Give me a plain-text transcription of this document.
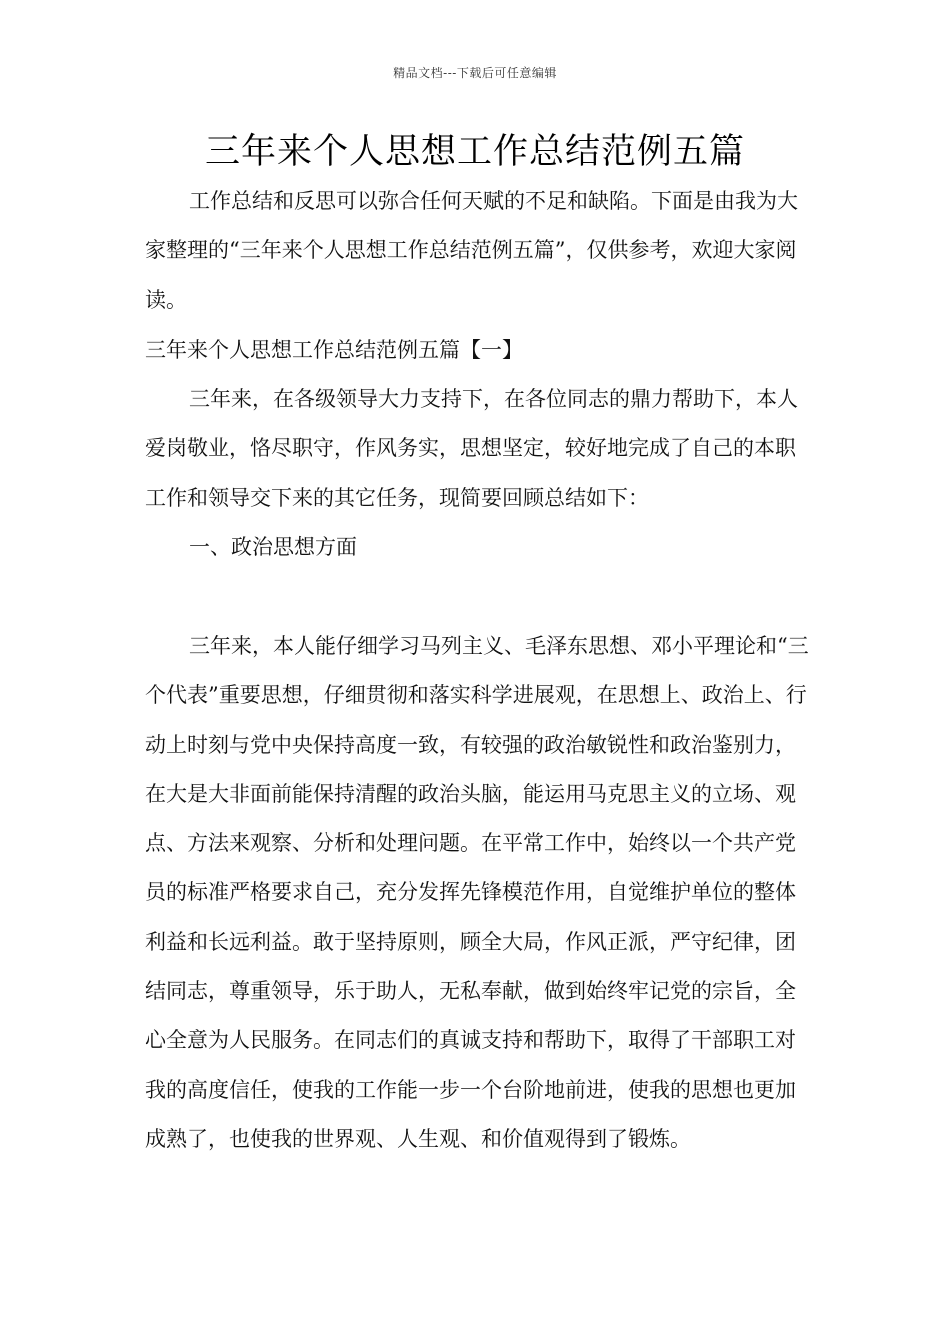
精品文档---下载后可任意编辑
三年来个人思想工作总结范例五篇

工作总结和反思可以弥合任何天赋的不足和缺陷。下面是由我为大家整理的“三年来个人思想工作总结范例五篇”，仅供参考，欢迎大家阅读。

三年来个人思想工作总结范例五篇【一】

三年来，在各级领导大力支持下，在各位同志的鼎力帮助下，本人爱岗敬业，恪尽职守，作风务实，思想坚定，较好地完成了自己的本职工作和领导交下来的其它任务，现简要回顾总结如下：

一、政治思想方面

三年来，本人能仔细学习马列主义、毛泽东思想、邓小平理论和“三个代表”重要思想，仔细贯彻和落实科学进展观，在思想上、政治上、行动上时刻与党中央保持高度一致，有较强的政治敏锐性和政治鉴别力，在大是大非面前能保持清醒的政治头脑，能运用马克思主义的立场、观点、方法来观察、分析和处理问题。在平常工作中，始终以一个共产党员的标准严格要求自己，充分发挥先锋模范作用，自觉维护单位的整体利益和长远利益。敢于坚持原则，顾全大局，作风正派，严守纪律，团结同志，尊重领导，乐于助人，无私奉献，做到始终牢记党的宗旨，全心全意为人民服务。在同志们的真诚支持和帮助下，取得了干部职工对我的高度信任，使我的工作能一步一个台阶地前进，使我的思想也更加成熟了，也使我的世界观、人生观、和价值观得到了锻炼。
